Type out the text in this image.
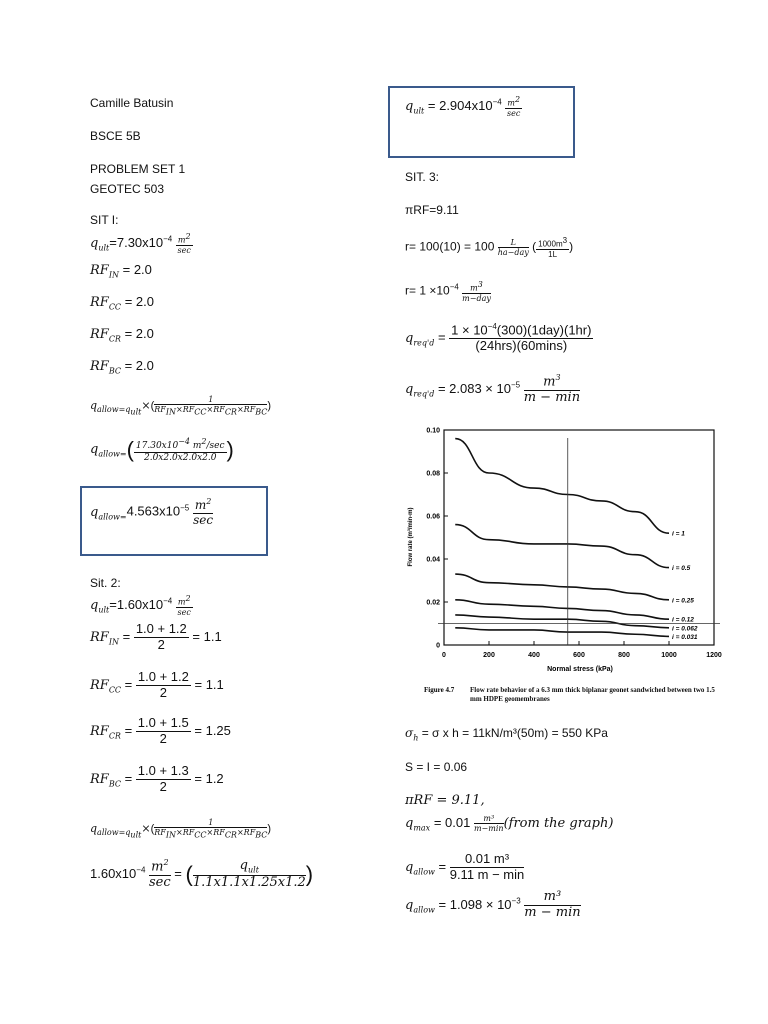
Camille Batusin
BSCE 5B
PROBLEM SET 1
GEOTEC 503
SIT I:
$q_{ult}=7.30x10^{-4} \frac{m^2}{\sec}$
$RF_{IN} = 2.0$
$RF_{CC} = 2.0$
$RF_{CR} = 2.0$
$RF_{BC} = 2.0$
$q_{allow=q_{ult}}\times( \frac{1}{RF_{IN}\times RF_{CC}\times RF_{CR}\times RF_{BC}}$ )
$q_{allow=}( \frac{17.30x10^{-4} m^2/\sec}{2.0x2.0x2.0x2.0}$ )
$q_{allow=}4.563x10^{-5} \frac{m^2}{\sec}$
Sit. 2:
$q_{ult}=1.60x10^{-4} \frac{m^2}{\sec}$
$RF_{IN} = \frac{1.0 + 1.2}{2} = 1.1$
$RF_{CC} = \frac{1.0 + 1.2}{2} = 1.1$
$RF_{CR} = \frac{1.0 + 1.5}{2} = 1.25$
$RF_{BC} = \frac{1.0 + 1.3}{2} = 1.2$
$q_{allow=q_{ult}}\times( \frac{1}{RF_{IN}\times RF_{CC}\times RF_{CR}\times RF_{BC}}$ )
$1.60x10^{-4} \frac{m^2}{\sec}$ = ( $\frac{q_{ult}}{1.1x1.1x1.25x1.2}$ )
$q_{ult} = 2.904x10^{-4} \frac{m^2}{\sec}$
SIT. 3:
πRF=9.11
$r= 100(10) = 100 \frac{L}{\text{ha−day}}$ ( $\frac{1000m^3}{1L}$ )
$r= 1 \times 10^{-4} \frac{m^3}{\text{m−day}}$
$q_{req'd} = \frac{1 \times 10^{-4}(300)(1day)(1hr)}{\text{(24hrs)(60mins)}}$
$q_{req'd} = 2.083 \times 10^{-5} \frac{m^3}{m - \min}$
0	200	400	600	800	1000	1200
0
0.02
0.04
0.06
0.08
0.10
i = 1
i = 0.5
i = 0.25
i = 0.12
i = 0.062
i = 0.031
Flow rate (m³/min-m)
Normal stress (kPa)
Figure 4.7 Flow rate behavior of a 6.3 mm thick biplanar geonet sandwiched between two 1.5 mm HDPE geomembranes
$\sigma_h = \sigma$ x h = 11kN/m³(50m) = 550 KPa
S = I = 0.06
πRF = 9.11,
$q_{max} = 0.01 \frac{\text{m³}}{m-\min}$ (from the graph)
$q_{allow} = \frac{\text{0.01 m³}}{9.11 m - \min}$
$q_{allow} = 1.098 \times 10^{-3} \frac{\text{m³}}{m - \min}$
